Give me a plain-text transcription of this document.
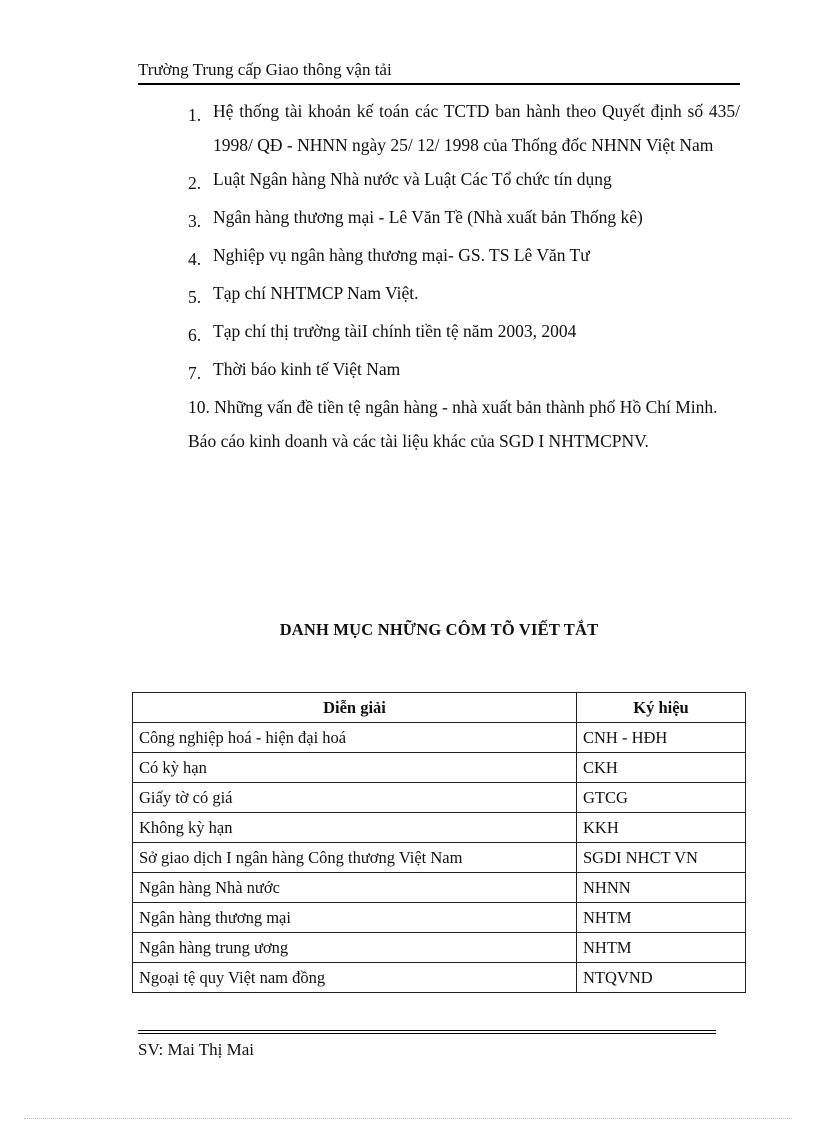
Trường Trung cấp Giao thông vận tải
1. Hệ thống tài khoản kế toán các TCTD ban hành theo Quyết định số 435/ 1998/ QĐ - NHNN ngày 25/ 12/ 1998 của Thống đốc NHNN Việt Nam
2. Luật Ngân hàng Nhà nước và Luật Các Tổ chức tín dụng
3. Ngân hàng thương mại - Lê Văn Tề (Nhà xuất bản Thống kê)
4. Nghiệp vụ ngân hàng thương mại- GS. TS Lê Văn Tư
5. Tạp chí NHTMCP Nam Việt.
6. Tạp chí thị trường tàiI chính tiền tệ năm 2003, 2004
7. Thời báo kinh tế Việt Nam
10. Những vấn đề tiền tệ ngân hàng - nhà xuất bản thành phố Hồ Chí Minh.
Báo cáo kinh doanh và các tài liệu khác của SGD I NHTMCPNV.
DANH MỤC NHỮNG CÔM TÕ VIẾT TẮT
Diễn giải	Ký hiệu
Công nghiệp hoá - hiện đại hoá	CNH - HĐH
Có kỳ hạn	CKH
Giấy tờ có giá	GTCG
Không kỳ hạn	KKH
Sở giao dịch I ngân hàng Công thương Việt Nam	SGDI NHCT VN
Ngân hàng Nhà nước	NHNN
Ngân hàng thương mại	NHTM
Ngân hàng trung ương	NHTM
Ngoại tệ quy Việt nam đồng	NTQVND
SV: Mai Thị Mai
